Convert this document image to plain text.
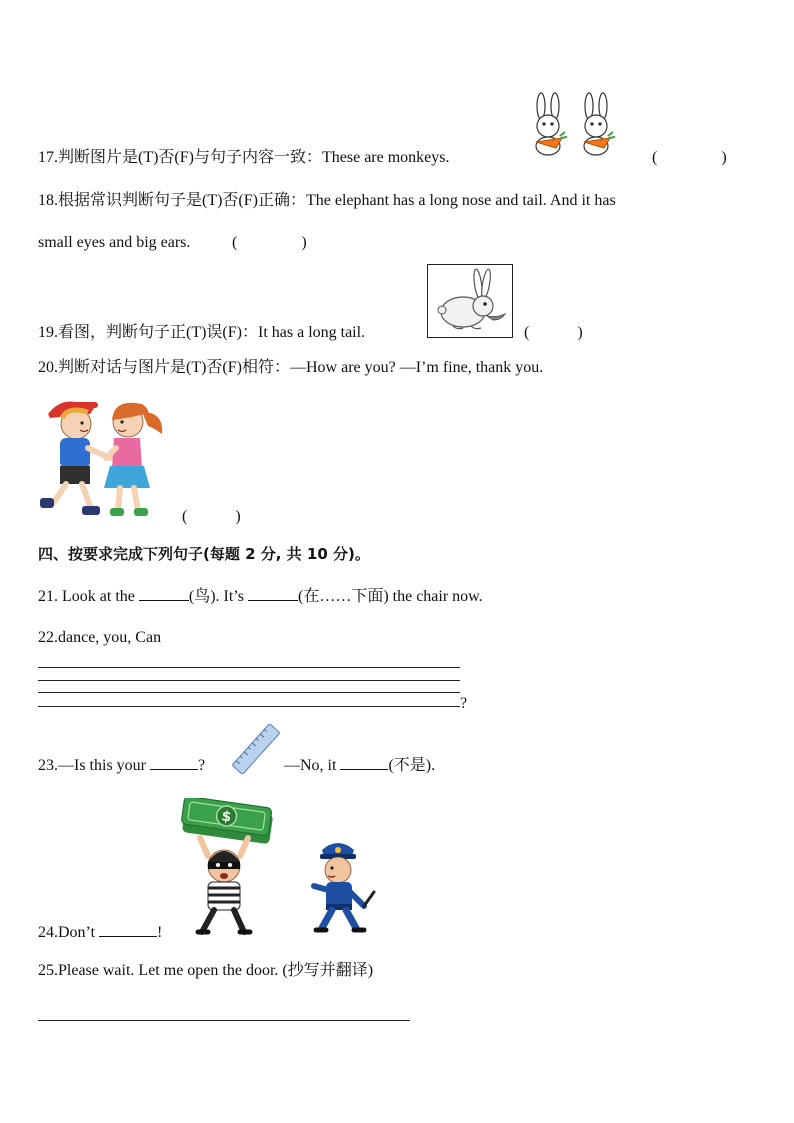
17.判断图片是(T)否(F)与句子内容一致：These are monkeys.	(　　　　)
18.根据常识判断句子是(T)否(F)正确：The elephant has a long nose and tail. And it has
small eyes and big ears.	(　　　　)
19.看图，判断句子正(T)误(F)：It has a long tail.	(　　　)
20.判断对话与图片是(T)否(F)相符：—How are you? —I’m fine, thank you.
(　　　)
四、按要求完成下列句子(每题 2 分, 共 10 分)。
21. Look at the	(鸟). It’s	(在……下面) the chair now.
22.dance, you, Can
?
23.—Is this your	?	—No, it	(不是).
$
24.Don’t	!
25.Please wait. Let me open the door. (抄写并翻译)
